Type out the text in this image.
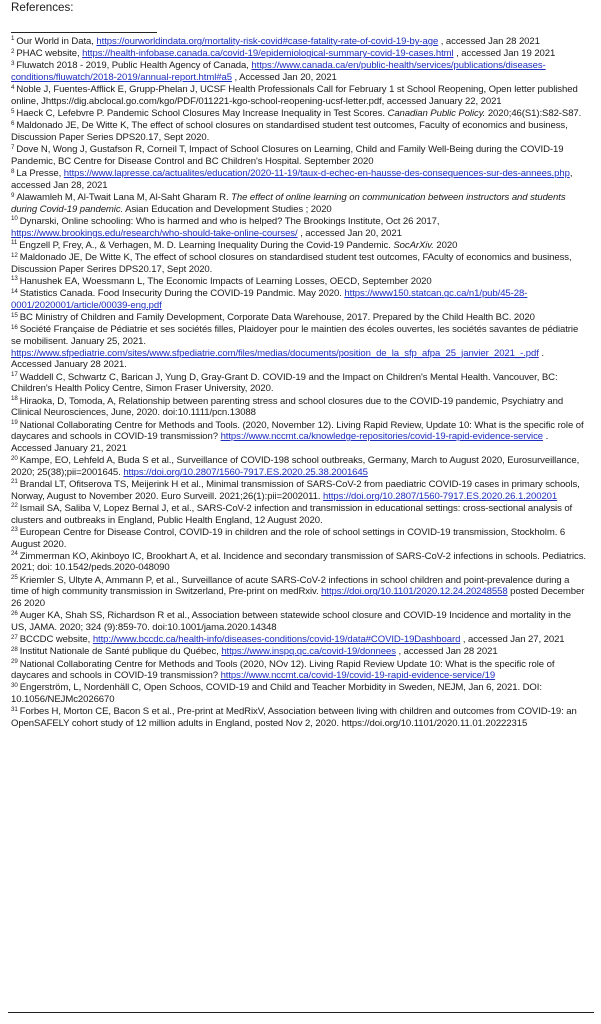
References:
$^1$ Our World in Data, https://ourworldindata.org/mortality-risk-covid#case-fatality-rate-of-covid-19-by-age , accessed Jan 28 2021
$^2$ PHAC website, https://health-infobase.canada.ca/covid-19/epidemiological-summary-covid-19-cases.html , accessed Jan 19 2021
$^3$ Fluwatch 2018 - 2019, Public Health Agency of Canada, https://www.canada.ca/en/public-health/services/publications/diseases-conditions/fluwatch/2018-2019/annual-report.html#a5 , Accessed Jan 20, 2021
$^4$ Noble J, Fuentes-Afflick E, Grupp-Phelan J, UCSF Health Professionals Call for February 1 st School Reopening, Open letter published online, Jhttps://dig.abclocal.go.com/kgo/PDF/011221-kgo-school-reopening-ucsf-letter.pdf, accessed January 22, 2021
$^5$ Haeck C, Lefebvre P. Pandemic School Closures May Increase Inequality in Test Scores. Canadian Public Policy. 2020;46(S1):S82-S87.
$^6$ Maldonado JE, De Witte K, The effect of school closures on standardised student test outcomes, Faculty of economics and business, Discussion Paper Series DPS20.17, Sept 2020.
$^7$ Dove N, Wong J, Gustafson R, Corneil T, Impact of School Closures on Learning, Child and Family Well-Being during the COVID-19 Pandemic, BC Centre for Disease Control and BC Children's Hospital. September 2020
$^8$ La Presse, https://www.lapresse.ca/actualites/education/2020-11-19/taux-d-echec-en-hausse-des-consequences-sur-des-annees.php, accessed Jan 28, 2021
$^9$ Alawamleh M, Al-Twait Lana M, Al-Saht Gharam R. The effect of online learning on communication between instructors and students during Covid-19 pandemic. Asian Education and Development Studies ; 2020
$^{10}$ Dynarski, Online schooling: Who is harmed and who is helped? The Brookings Institute, Oct 26 2017, https://www.brookings.edu/research/who-should-take-online-courses/ , accessed Jan 20, 2021
$^{11}$ Engzell P, Frey, A., & Verhagen, M. D. Learning Inequality During the Covid-19 Pandemic. SocArXiv. 2020
$^{12}$ Maldonado JE, De Witte K, The effect of school closures on standardised student test outcomes, FAculty of economics and business, Discussion Paper Serires DPS20.17, Sept 2020.
$^{13}$ Hanushek EA, Woessmann L, The Economic Impacts of Learning Losses, OECD, September 2020
$^{14}$ Statistics Canada. Food Insecurity During the COVID-19 Pandmic. May 2020. https://www150.statcan.gc.ca/n1/pub/45-28-0001/2020001/article/00039-eng.pdf
$^{15}$ BC Ministry of Children and Family Development, Corporate Data Warehouse, 2017. Prepared by the Child Health BC. 2020
$^{16}$ Société Française de Pédiatrie et ses sociétés filles, Plaidoyer pour le maintien des écoles ouvertes, les sociétés savantes de pédiatrie se mobilisent. January 25, 2021. https://www.sfpediatrie.com/sites/www.sfpediatrie.com/files/medias/documents/position_de_la_sfp_afpa_25_janvier_2021_-.pdf . Accessed January 28 2021.
$^{17}$ Waddell C, Schwartz C, Barican J, Yung D, Gray-Grant D. COVID-19 and the Impact on Children's Mental Health. Vancouver, BC: Children's Health Policy Centre, Simon Fraser University, 2020.
$^{18}$ Hiraoka, D, Tomoda, A, Relationship between parenting stress and school closures due to the COVID-19 pandemic, Psychiatry and Clinical Neurosciences, June, 2020. doi:10.1111/pcn.13088
$^{19}$ National Collaborating Centre for Methods and Tools. (2020, November 12). Living Rapid Review, Update 10: What is the specific role of daycares and schools in COVID-19 transmission? https://www.nccmt.ca/knowledge-repositories/covid-19-rapid-evidence-service . Accessed January 21, 2021
$^{20}$ Kampe, EO, Lehfeld A, Buda S et al., Surveillance of COVID-198 school outbreaks, Germany, March to August 2020, Eurosurveillance, 2020; 25(38);pii=2001645. https://doi.org/10.2807/1560-7917.ES.2020.25.38.2001645
$^{21}$ Brandal LT, Ofitserova TS, Meijerink H et al., Minimal transmission of SARS-CoV-2 from paediatric COVID-19 cases in primary schools, Norway, August to November 2020. Euro Surveill. 2021;26(1):pii=2002011. https://doi.org/10.2807/1560-7917.ES.2020.26.1.200201
$^{22}$ Ismail SA, Saliba V, Lopez Bernal J, et al., SARS-CoV-2 infection and transmission in educational settings: cross-sectional analysis of clusters and outbreaks in England, Public Health England, 12 August 2020.
$^{23}$ European Centre for Disease Control, COVID-19 in children and the role of school settings in COVID-19 transmission, Stockholm. 6 August 2020.
$^{24}$ Zimmerman KO, Akinboyo IC, Brookhart A, et al. Incidence and secondary transmission of SARS-CoV-2 infections in schools. Pediatrics. 2021; doi: 10.1542/peds.2020-048090
$^{25}$ Kriemler S, Ultyte A, Ammann P, et al., Surveillance of acute SARS-CoV-2 infections in school children and point-prevalence during a time of high community transmission in Switzerland, Pre-print on medRxiv. https://doi.org/10.1101/2020.12.24.20248558 posted December 26 2020
$^{26}$ Auger KA, Shah SS, Richardson R et al., Association between statewide school closure and COVID-19 Incidence and mortality in the US, JAMA. 2020; 324 (9):859-70. doi:10.1001/jama.2020.14348
$^{27}$ BCCDC website, http://www.bccdc.ca/health-info/diseases-conditions/covid-19/data#COVID-19Dashboard , accessed Jan 27, 2021
$^{28}$ Institut Nationale de Santé publique du Québec, https://www.inspq.qc.ca/covid-19/donnees , accessed Jan 28 2021
$^{29}$ National Collaborating Centre for Methods and Tools (2020, NOv 12). Living Rapid Review Update 10: What is the specific role of daycares and schools in COVID-19 transmission? https://www.nccmt.ca/covid-19/covid-19-rapid-evidence-service/19
$^{30}$ Engerström, L, Nordenhäll C, Open Schoos, COVID-19 and Child and Teacher Morbidity in Sweden, NEJM, Jan 6, 2021. DOI: 10.1056/NEJMc2026670
$^{31}$ Forbes H, Morton CE, Bacon S et al., Pre-print at MedRixV, Association between living with children and outcomes from COVID-19: an OpenSAFELY cohort study of 12 million adults in England, posted Nov 2, 2020. https://doi.org/10.1101/2020.11.01.20222315
